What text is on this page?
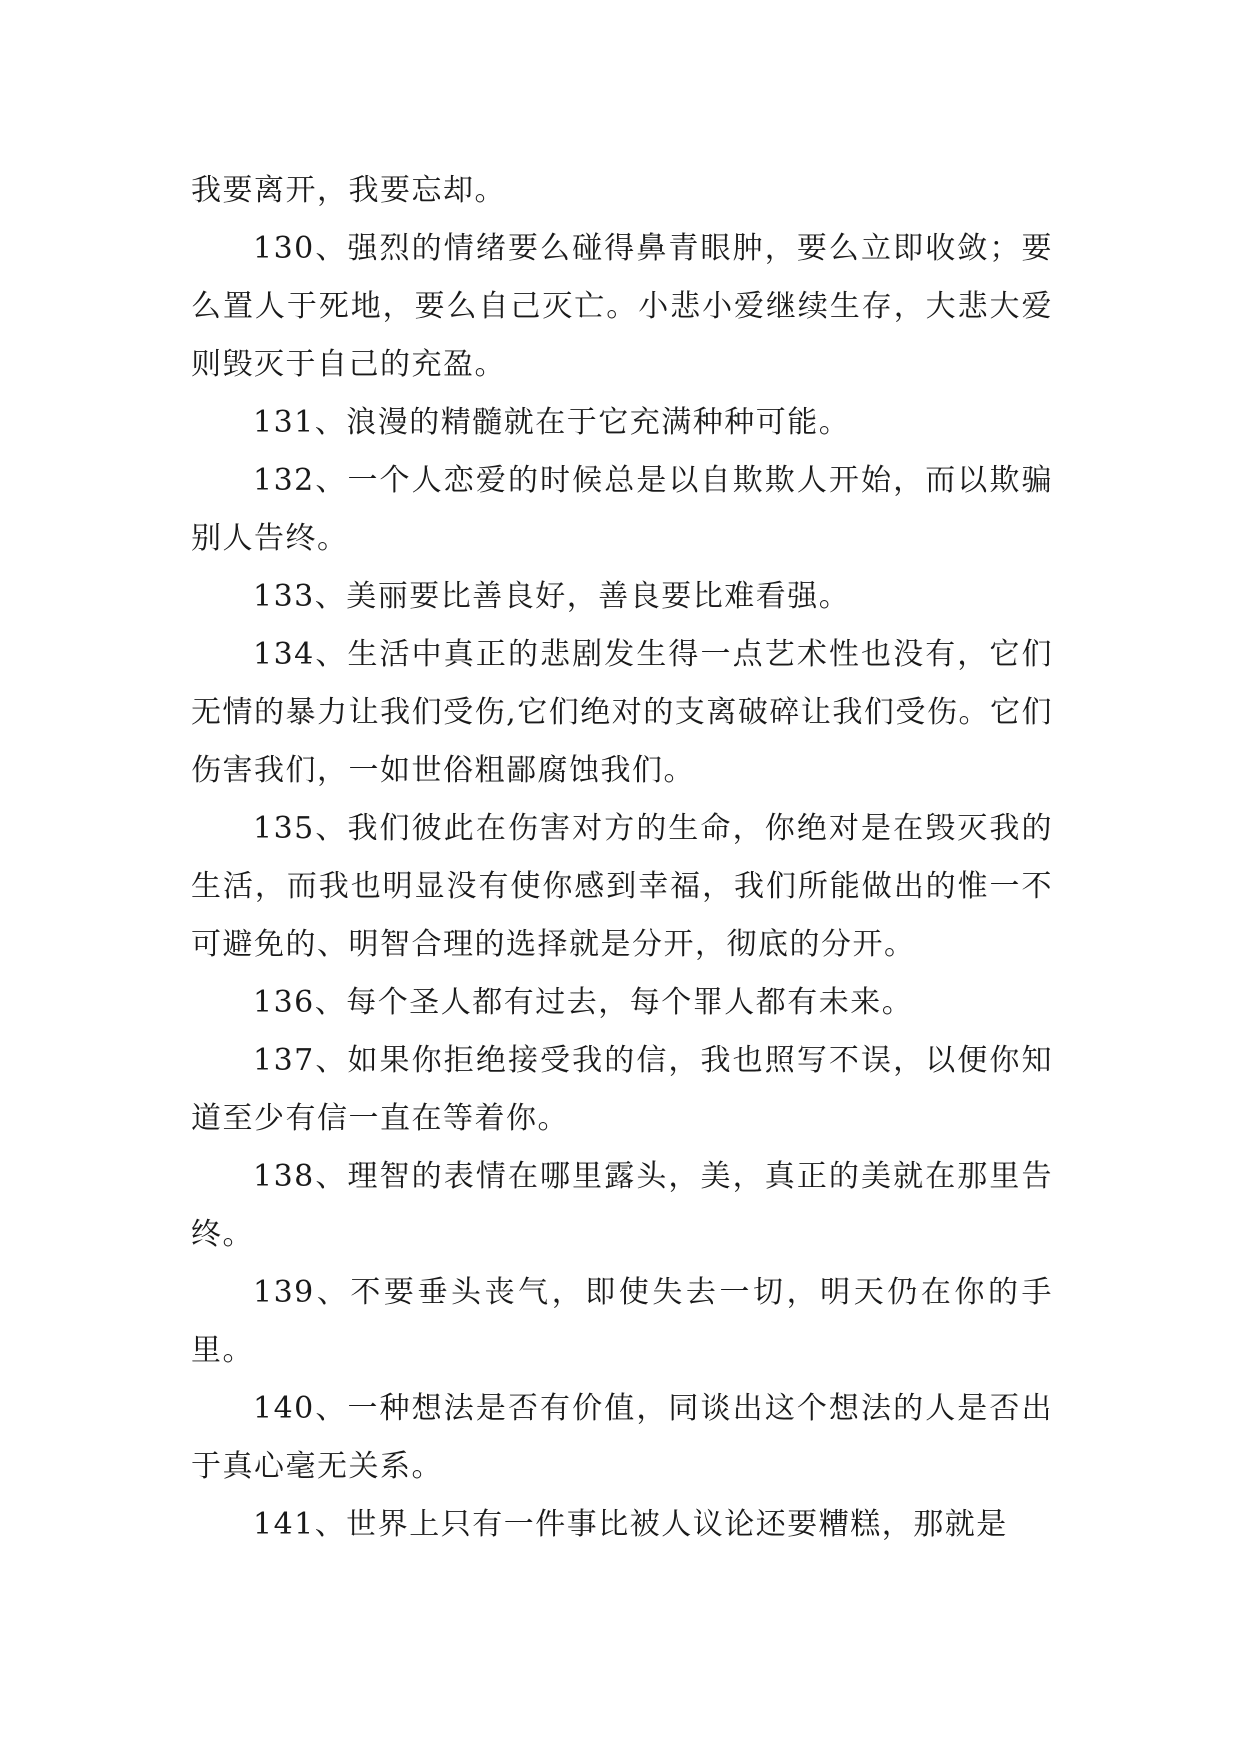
我要离开，我要忘却。

130、强烈的情绪要么碰得鼻青眼肿，要么立即收敛；要么置人于死地，要么自己灭亡。小悲小爱继续生存，大悲大爱则毁灭于自己的充盈。

131、浪漫的精髓就在于它充满种种可能。

132、一个人恋爱的时候总是以自欺欺人开始，而以欺骗别人告终。

133、美丽要比善良好，善良要比难看强。

134、生活中真正的悲剧发生得一点艺术性也没有，它们无情的暴力让我们受伤,它们绝对的支离破碎让我们受伤。它们伤害我们，一如世俗粗鄙腐蚀我们。

135、我们彼此在伤害对方的生命，你绝对是在毁灭我的生活，而我也明显没有使你感到幸福，我们所能做出的惟一不可避免的、明智合理的选择就是分开，彻底的分开。

136、每个圣人都有过去，每个罪人都有未来。

137、如果你拒绝接受我的信，我也照写不误，以便你知道至少有信一直在等着你。

138、理智的表情在哪里露头，美，真正的美就在那里告终。

139、不要垂头丧气，即使失去一切，明天仍在你的手里。

140、一种想法是否有价值，同谈出这个想法的人是否出于真心毫无关系。

141、世界上只有一件事比被人议论还要糟糕，那就是
